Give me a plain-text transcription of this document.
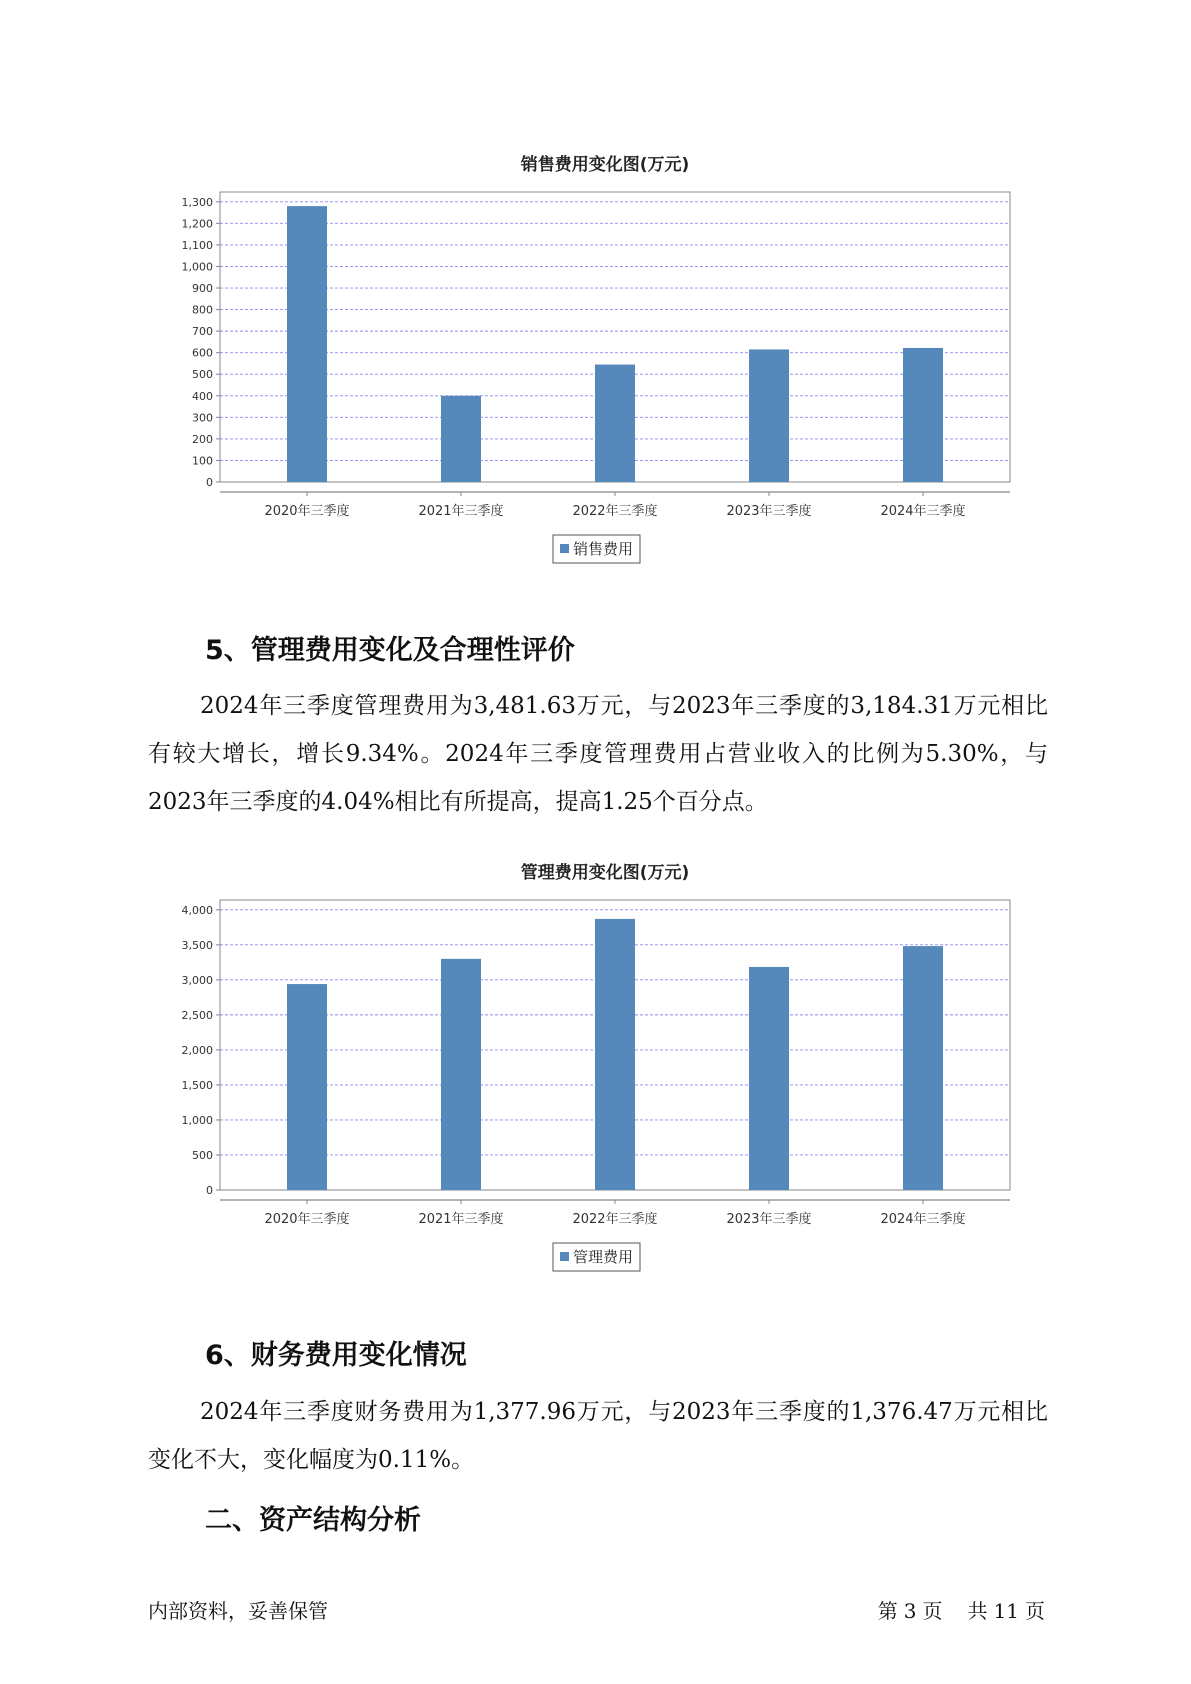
销售费用变化图(万元)
0
100
200
300
400
500
600
700
800
900
1,000
1,100
1,200
1,300
2020年三季度	2021年三季度	2022年三季度	2023年三季度	2024年三季度
销售费用
5、管理费用变化及合理性评价

2024年三季度管理费用为3,481.63万元，与2023年三季度的3,184.31万元相比有较大增长，增长9.34%。2024年三季度管理费用占营业收入的比例为5.30%，与2023年三季度的4.04%相比有所提高，提高1.25个百分点。

管理费用变化图(万元)
0
500
1,000
1,500
2,000
2,500
3,000
3,500
4,000
2020年三季度	2021年三季度	2022年三季度	2023年三季度	2024年三季度
管理费用
6、财务费用变化情况

2024年三季度财务费用为1,377.96万元，与2023年三季度的1,376.47万元相比变化不大，变化幅度为0.11%。

二、资产结构分析
内部资料，妥善保管	第 3 页 共 11 页
